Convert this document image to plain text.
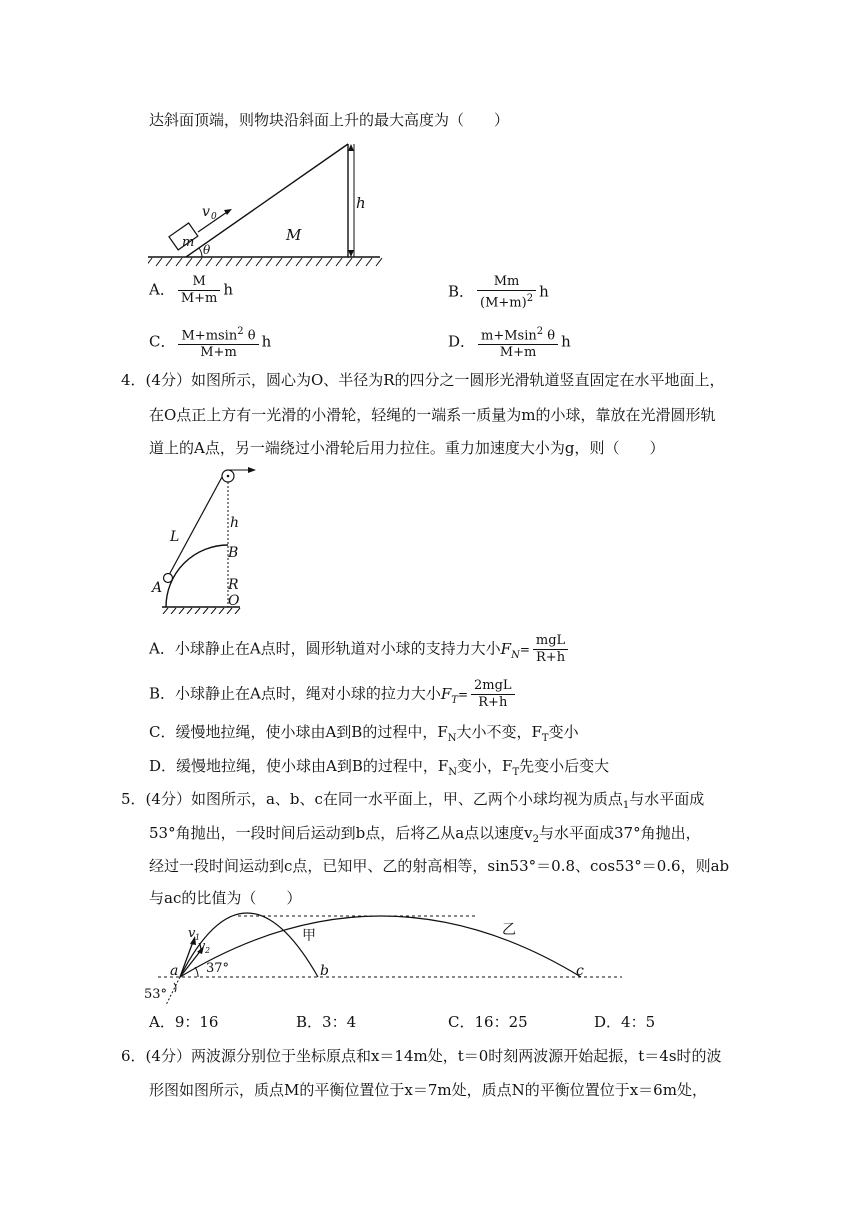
达斜面顶端，则物块沿斜面上升的最大高度为（　　）
v 0
m θ
M
h
A． $\frac{M}{M+m}$ h	B． $\frac{Mm}{(M+m)^2}$ h
C． $\frac{M+msin^2 \theta}{M+m}$ h	D． $\frac{m+Msin^2 \theta}{M+m}$ h
4．(4分）如图所示，圆心为O、半径为R的四分之一圆形光滑轨道竖直固定在水平地面上，
在O点正上方有一光滑的小滑轮，轻绳的一端系一质量为m的小球，靠放在光滑圆形轨
道上的A点，另一端绕过小滑轮后用力拉住。重力加速度大小为g，则（　　）
L
h
B
A	R
O
A．小球静止在A点时，圆形轨道对小球的支持力大小$F_N= \frac{\text{mgL}}{R+h}$
B．小球静止在A点时，绳对小球的拉力大小$F_T= \frac{\text{2mgL}}{R+h}$
C．缓慢地拉绳，使小球由A到B的过程中，$F_N$大小不变，$F_T$变小
D．缓慢地拉绳，使小球由A到B的过程中，$F_N$变小，$F_T$先变小后变大
5．(4分）如图所示，a、b、c在同一水平面上，甲、乙两个小球均视为质点$_1$与水平面成
53°角抛出，一段时间后运动到b点，后将乙从a点以速度$v_2$与水平面成37°角抛出，
经过一段时间运动到c点，已知甲、乙的射高相等，sin53°＝0.8、cos53°＝0.6，则ab
与ac的比值为（　　）
v 1
v 2
a	b	c
甲	乙
37°
53°
A．9：16	B．3：4	C．16：25	D．4：5
6．(4分）两波源分别位于坐标原点和x＝14m处，t＝0时刻两波源开始起振，t＝4s时的波
形图如图所示，质点M的平衡位置位于x＝7m处，质点N的平衡位置位于x＝6m处，
